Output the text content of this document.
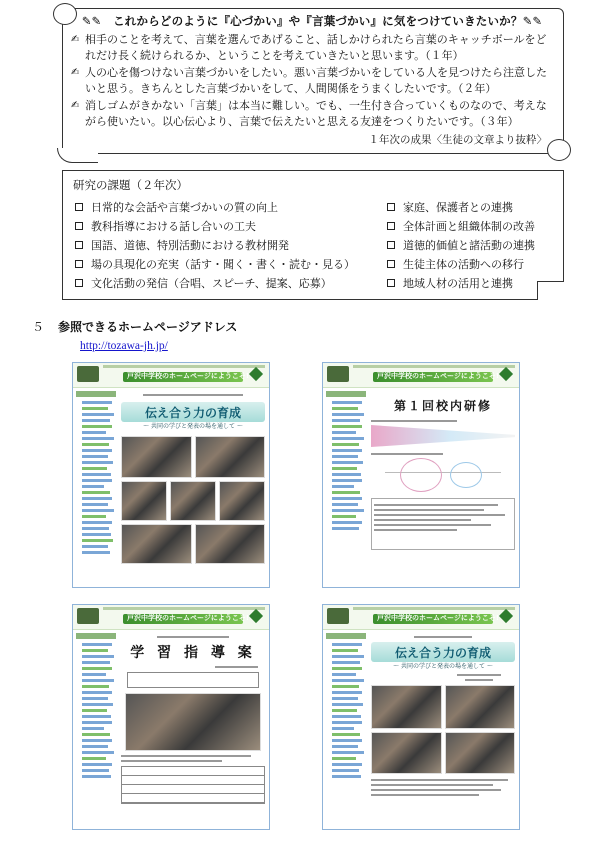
✎✎　これからどのように『心づかい』や『言葉づかい』に気をつけていきたいか？✎✎
✍ 相手のことを考えて、言葉を選んであげること、話しかけられたら言葉のキャッチボールをどれだけ長く続けられるか、ということを考えていきたいと思います。（１年）
✍ 人の心を傷つけない言葉づかいをしたい。悪い言葉づかいをしている人を見つけたら注意したいと思う。きちんとした言葉づかいをして、人間関係をうまくしたいです。（２年）
✍ 消しゴムがきかない「言葉」は本当に難しい。でも、一生付き合っていくものなので、考えながら使いたい。以心伝心より、言葉で伝えたいと思える友達をつくりたいです。（３年）
１年次の成果〈生徒の文章より抜粋〉
研究の課題（２年次）
日常的な会話や言葉づかいの質の向上
教科指導における話し合いの工夫
国語、道徳、特別活動における教材開発
場の具現化の充実（話す・聞く・書く・読む・見る）
文化活動の発信（合唱、スピーチ、提案、応募）
家庭、保護者との連携
全体計画と組織体制の改善
道徳的価値と諸活動の連携
生徒主体の活動への移行
地域人材の活用と連携
５ 参照できるホームページアドレス
http://tozawa-jh.jp/
戸沢中学校のホームページにようこそ!
伝え合う力の育成
〜 共同の学びと発表の場を通して 〜
戸沢中学校のホームページにようこそ!
第１回校内研修
戸沢中学校のホームページにようこそ!
学 習 指 導 案
戸沢中学校のホームページにようこそ!
伝え合う力の育成
〜 共同の学びと発表の場を通して 〜
